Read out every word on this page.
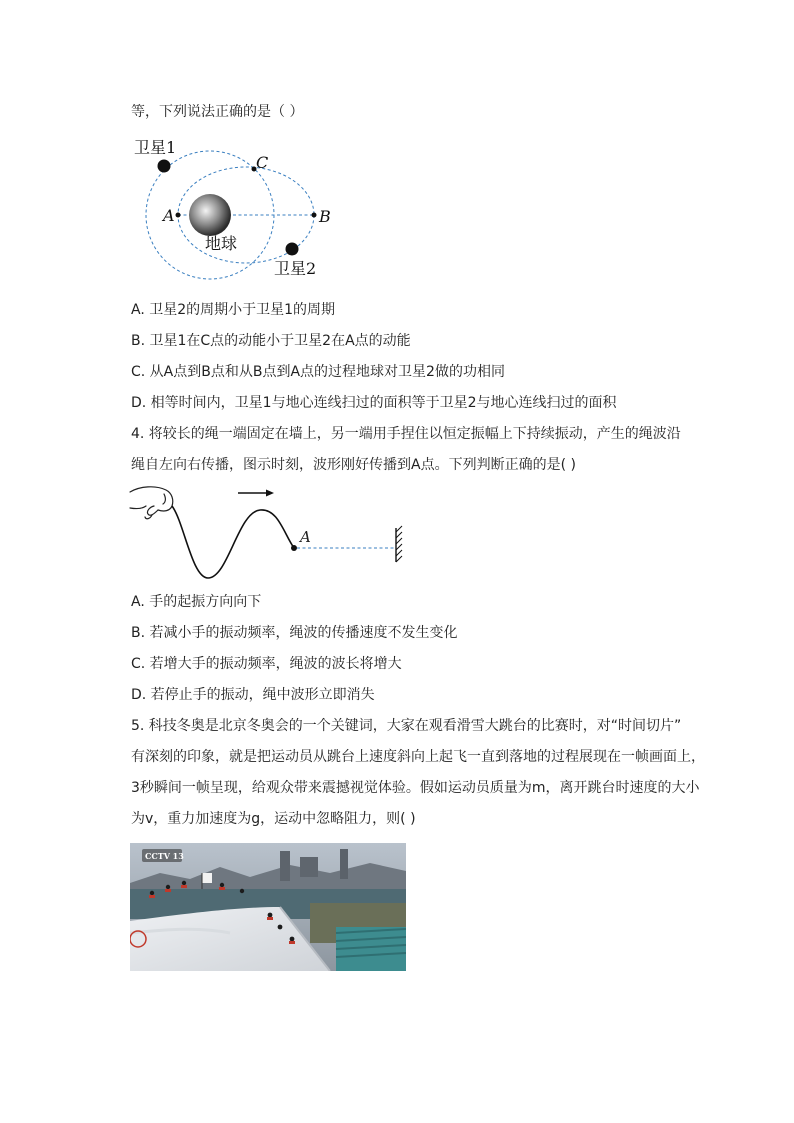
等，下列说法正确的是（ ）
卫星1
C
A	B
地球
卫星2
A. 卫星2的周期小于卫星1的周期
B. 卫星1在C点的动能小于卫星2在A点的动能
C. 从A点到B点和从B点到A点的过程地球对卫星2做的功相同
D. 相等时间内，卫星1与地心连线扫过的面积等于卫星2与地心连线扫过的面积
4. 将较长的绳一端固定在墙上，另一端用手捏住以恒定振幅上下持续振动，产生的绳波沿
绳自左向右传播，图示时刻，波形刚好传播到A点。下列判断正确的是( )
A
A. 手的起振方向向下
B. 若减小手的振动频率，绳波的传播速度不发生变化
C. 若增大手的振动频率，绳波的波长将增大
D. 若停止手的振动，绳中波形立即消失
5. 科技冬奥是北京冬奥会的一个关键词，大家在观看滑雪大跳台的比赛时，对“时间切片”
有深刻的印象，就是把运动员从跳台上速度斜向上起飞一直到落地的过程展现在一帧画面上，
3秒瞬间一帧呈现，给观众带来震撼视觉体验。假如运动员质量为m，离开跳台时速度的大小
为v，重力加速度为g，运动中忽略阻力，则( )
CCTV 13
